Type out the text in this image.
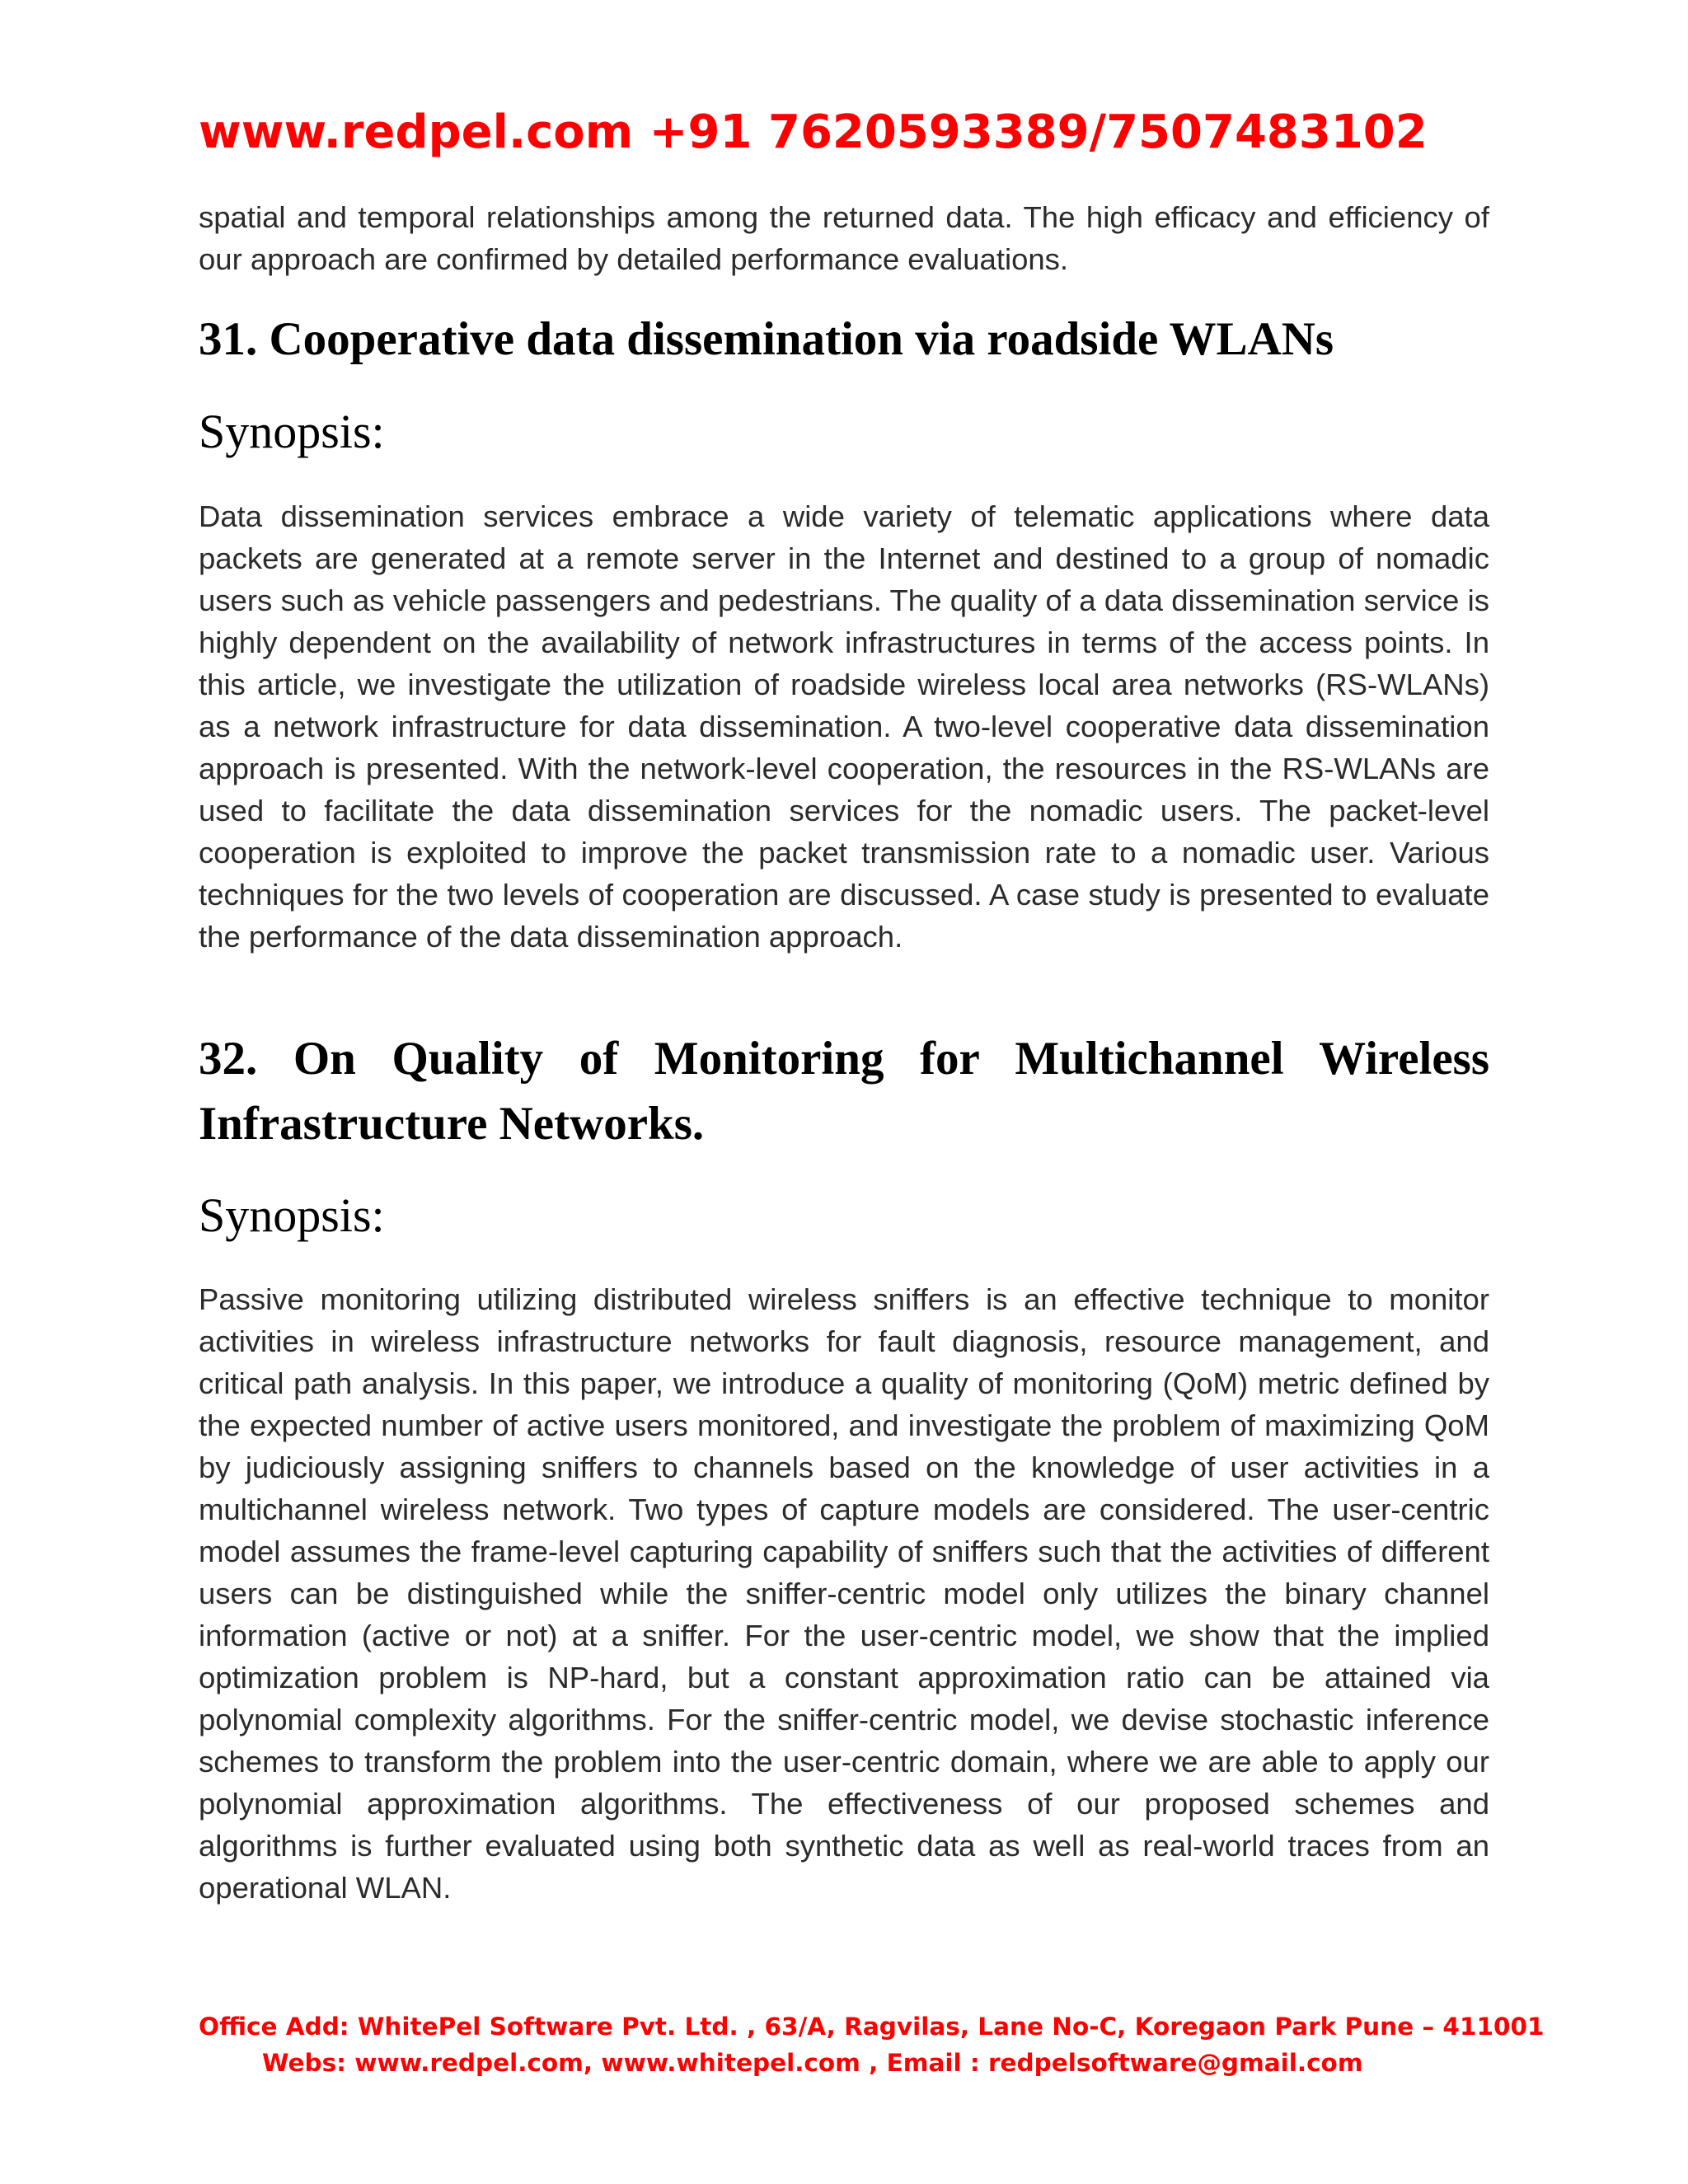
www.redpel.com +91 7620593389/7507483102

spatial and temporal relationships among the returned data. The high efficacy and efficiency of our approach are confirmed by detailed performance evaluations.

31. Cooperative data dissemination via roadside WLANs
Synopsis:

Data dissemination services embrace a wide variety of telematic applications where data packets are generated at a remote server in the Internet and destined to a group of nomadic users such as vehicle passengers and pedestrians. The quality of a data dissemination service is highly dependent on the availability of network infrastructures in terms of the access points. In this article, we investigate the utilization of roadside wireless local area networks (RS-WLANs) as a network infrastructure for data dissemination. A two-level cooperative data dissemination approach is presented. With the network-level cooperation, the resources in the RS-WLANs are used to facilitate the data dissemination services for the nomadic users. The packet-level cooperation is exploited to improve the packet transmission rate to a nomadic user. Various techniques for the two levels of cooperation are discussed. A case study is presented to evaluate the performance of the data dissemination approach.

32. On Quality of Monitoring for Multichannel Wireless Infrastructure Networks.
Synopsis:

Passive monitoring utilizing distributed wireless sniffers is an effective technique to monitor activities in wireless infrastructure networks for fault diagnosis, resource management, and critical path analysis. In this paper, we introduce a quality of monitoring (QoM) metric defined by the expected number of active users monitored, and investigate the problem of maximizing QoM by judiciously assigning sniffers to channels based on the knowledge of user activities in a multichannel wireless network. Two types of capture models are considered. The user-centric model assumes the frame-level capturing capability of sniffers such that the activities of different users can be distinguished while the sniffer-centric model only utilizes the binary channel information (active or not) at a sniffer. For the user-centric model, we show that the implied optimization problem is NP-hard, but a constant approximation ratio can be attained via polynomial complexity algorithms. For the sniffer-centric model, we devise stochastic inference schemes to transform the problem into the user-centric domain, where we are able to apply our polynomial approximation algorithms. The effectiveness of our proposed schemes and algorithms is further evaluated using both synthetic data as well as real-world traces from an operational WLAN.

Office Add: WhitePel Software Pvt. Ltd. , 63/A, Ragvilas, Lane No-C, Koregaon Park Pune – 411001
Webs: www.redpel.com, www.whitepel.com , Email : redpelsoftware@gmail.com
